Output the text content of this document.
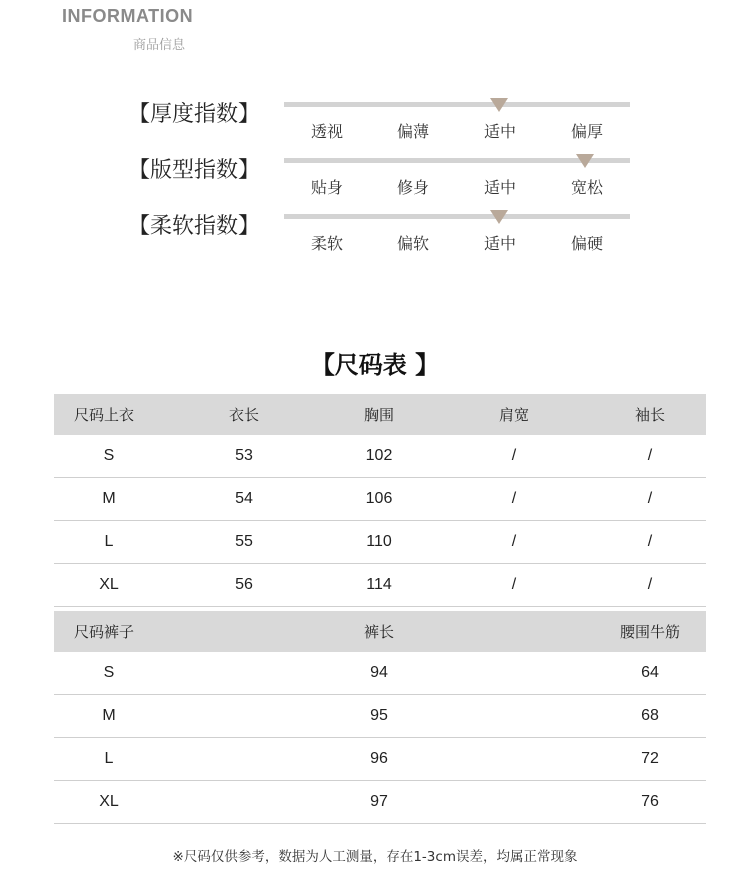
INFORMATION
商品信息
【厚度指数】
透视	偏薄	适中	偏厚
【版型指数】
贴身	修身	适中	宽松
【柔软指数】
柔软	偏软	适中	偏硬
【尺码表 】
尺码上衣	衣长	胸围	肩宽	袖长
S	53	102	/	/
M	54	106	/	/
L	55	110	/	/
XL	56	114	/	/
尺码裤子	裤长	腰围牛筋
S	94	64
M	95	68
L	96	72
XL	97	76
※尺码仅供参考，数据为人工测量，存在1-3cm误差，均属正常现象
